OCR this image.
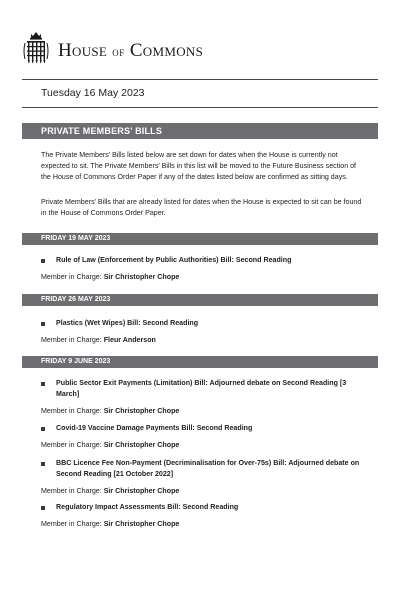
House of Commons
Tuesday 16 May 2023
PRIVATE MEMBERS’ BILLS

The Private Members’ Bills listed below are set down for dates when the House is currently not expected to sit. The Private Members’ Bills in this list will be moved to the Future Business section of the House of Commons Order Paper if any of the dates listed below are confirmed as sitting days.

Private Members’ Bills that are already listed for dates when the House is expected to sit can be found in the House of Commons Order Paper.

FRIDAY 19 MAY 2023
Rule of Law (Enforcement by Public Authorities) Bill: Second Reading
Member in Charge: Sir Christopher Chope
FRIDAY 26 MAY 2023
Plastics (Wet Wipes) Bill: Second Reading
Member in Charge: Fleur Anderson
FRIDAY 9 JUNE 2023
Public Sector Exit Payments (Limitation) Bill: Adjourned debate on Second Reading [3 March]
Member in Charge: Sir Christopher Chope
Covid-19 Vaccine Damage Payments Bill: Second Reading
Member in Charge: Sir Christopher Chope
BBC Licence Fee Non-Payment (Decriminalisation for Over-75s) Bill: Adjourned debate on Second Reading [21 October 2022]
Member in Charge: Sir Christopher Chope
Regulatory Impact Assessments Bill: Second Reading
Member in Charge: Sir Christopher Chope
